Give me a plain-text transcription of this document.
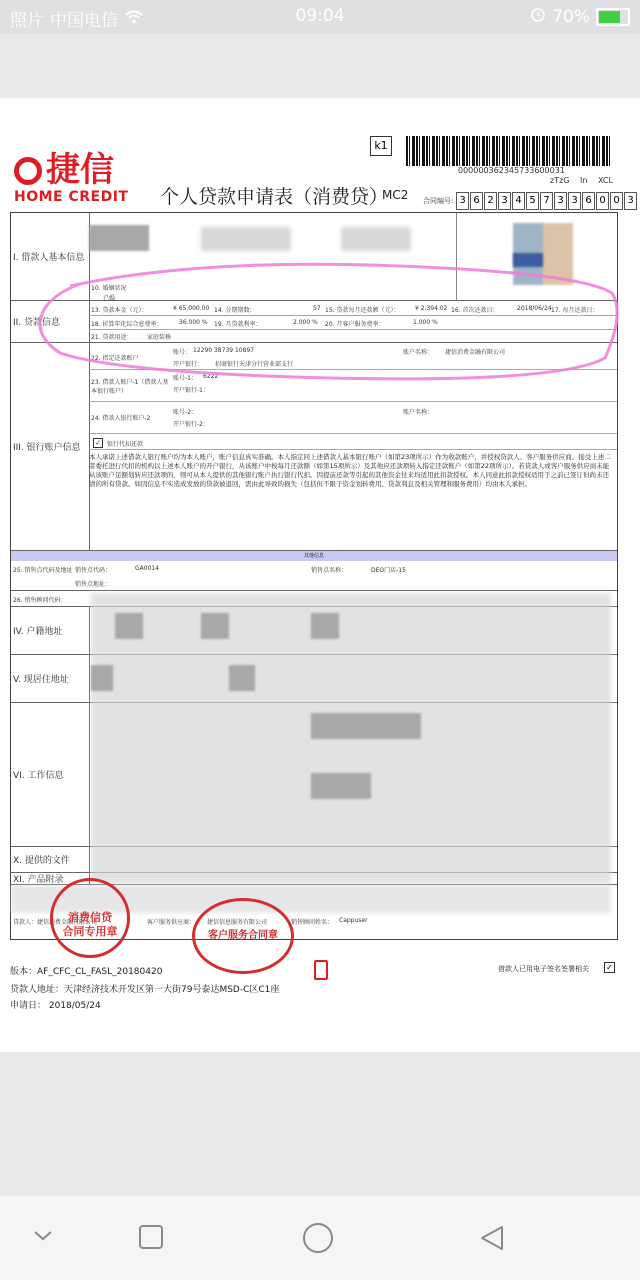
照片 中国电信	09:04	70%
捷信
HOME CREDIT
k1
000000362345733600031
zTzG In XCL
个人贷款申请表（消费贷）
MC2 合同编号: 3 6 2 3 4 5 7 3 3 6 0 0 3
I. 借款人基本信息
10. 婚姻状况
已婚
II. 贷款信息
13. 贷款本金（元）：	¥ 65,000.00 14. 分期期数：	57 15. 贷款每月还款额（元）：	¥ 2,394.02 16. 首次还款日：	2018/06/24 17. 每月还款日：
18. 折算年化综合息费率：	36.000 % 19. 月贷款利率：	2.000 % 20. 月客户服务费率：	1.000 %
21. 贷款用途： 家庭装修
III. 银行账户信息
22. 指定还款账户
账号： 12290 38739 10897	账户名称： 捷信消费金融有限公司
开户银行： 招商银行天津分行营业部支行
23. 借款人账户-1（借款人基本银行账户）
账号-1： 6222
开户银行-1：
24. 借款人银行账户-2
账号-2：	账户名称：
开户银行-2：
✓	银行代扣还款
本人承诺上述借款人银行账户均为本人账户，账户信息真实准确。本人指定同上述借款人基本银行账户（如第23项所示）作为收款账户，并授权贷款人、客户服务供应商、接受上述二者委托进行代扣的机构以上述本人账户的开户银行，从该账户中按每月还款额（如第15项所示）及其他应还款项转入指定还款账户（如第22项所示）。若贷款人或客户服务供应商未能从该账户足额划转应还款项的，则可从本人提供的其他银行账户执行银行代扣。因提前还款等引起的其他资金往来均适用此扣款授权。本人同意此扣款授权适用于之前已签订但尚未还清的所有贷款。如因信息不实造成发放的贷款被退回，需由此导致的损失（包括但不限于资金划转费用、贷款利息及相关管理和服务费用）均由本人承担。
其他信息
25. 销售点代码及地址 销售点代码：	GA0014	销售点名称：	DEO门店-15
销售点地址：
26. 销售顾问代码：
IV. 户籍地址
V. 现居住地址
VI. 工作信息
X. 提供的文件
XI. 产品附录
贷款人：捷信消费金融有限公司	客户服务供应商： 捷信信息服务有限公司	销售顾问姓名： Cappuser
消费信贷
合同专用章	客户服务合同章
版本：AF_CFC_CL_FASL_20180420	借款人已用电子签名签署相关 ✓
贷款人地址：天津经济技术开发区第一大街79号泰达MSD-C区C1座
申请日： 2018/05/24
